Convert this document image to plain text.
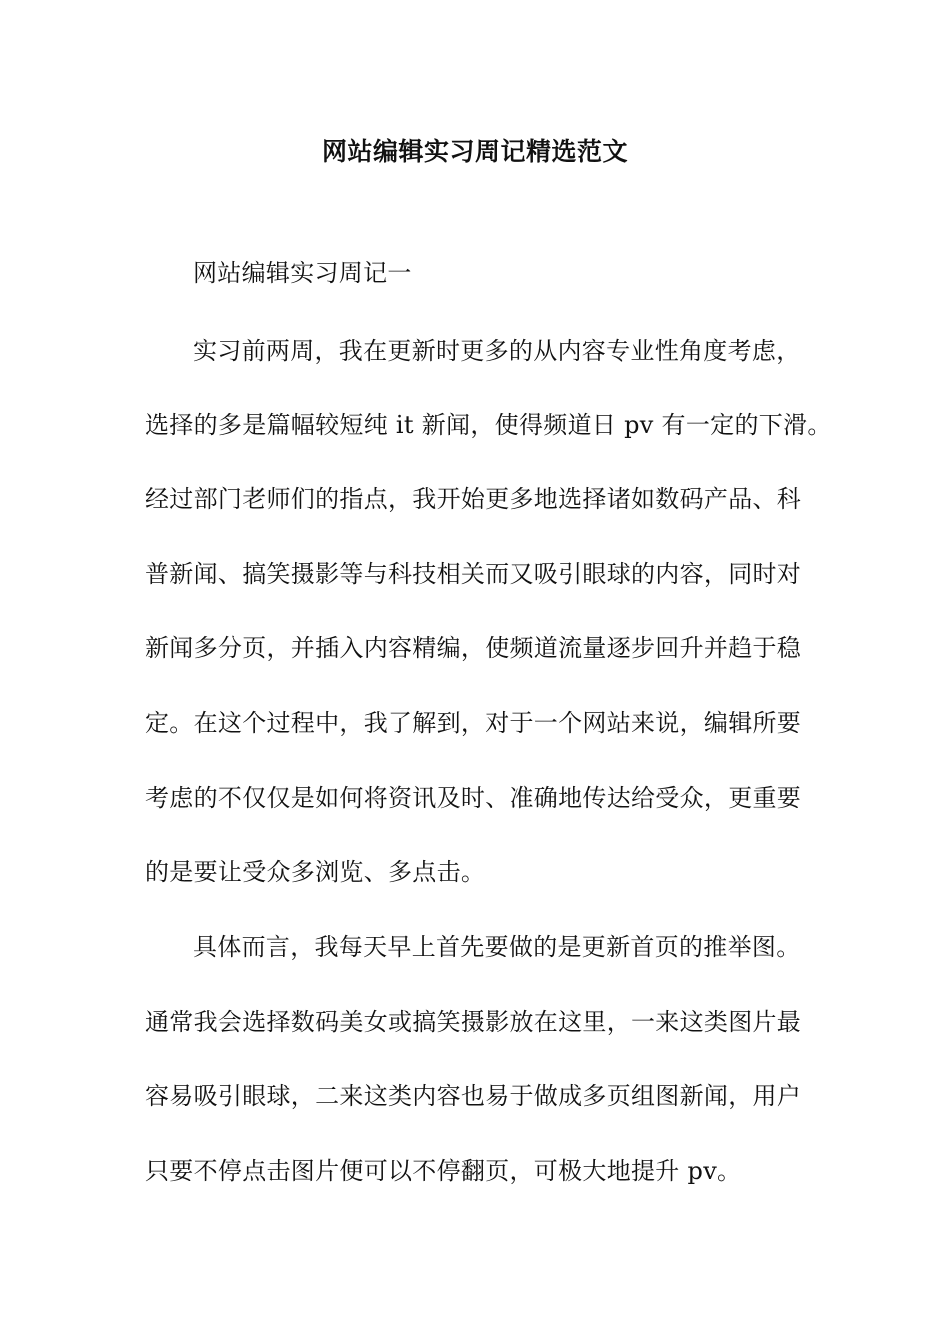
网站编辑实习周记精选范文
网站编辑实习周记一
实习前两周，我在更新时更多的从内容专业性角度考虑，
选择的多是篇幅较短纯 it 新闻，使得频道日 pv 有一定的下滑。
经过部门老师们的指点，我开始更多地选择诸如数码产品、科
普新闻、搞笑摄影等与科技相关而又吸引眼球的内容，同时对
新闻多分页，并插入内容精编，使频道流量逐步回升并趋于稳
定。在这个过程中，我了解到，对于一个网站来说，编辑所要
考虑的不仅仅是如何将资讯及时、准确地传达给受众，更重要
的是要让受众多浏览、多点击。
具体而言，我每天早上首先要做的是更新首页的推举图。
通常我会选择数码美女或搞笑摄影放在这里，一来这类图片最
容易吸引眼球，二来这类内容也易于做成多页组图新闻，用户
只要不停点击图片便可以不停翻页，可极大地提升 pv。
